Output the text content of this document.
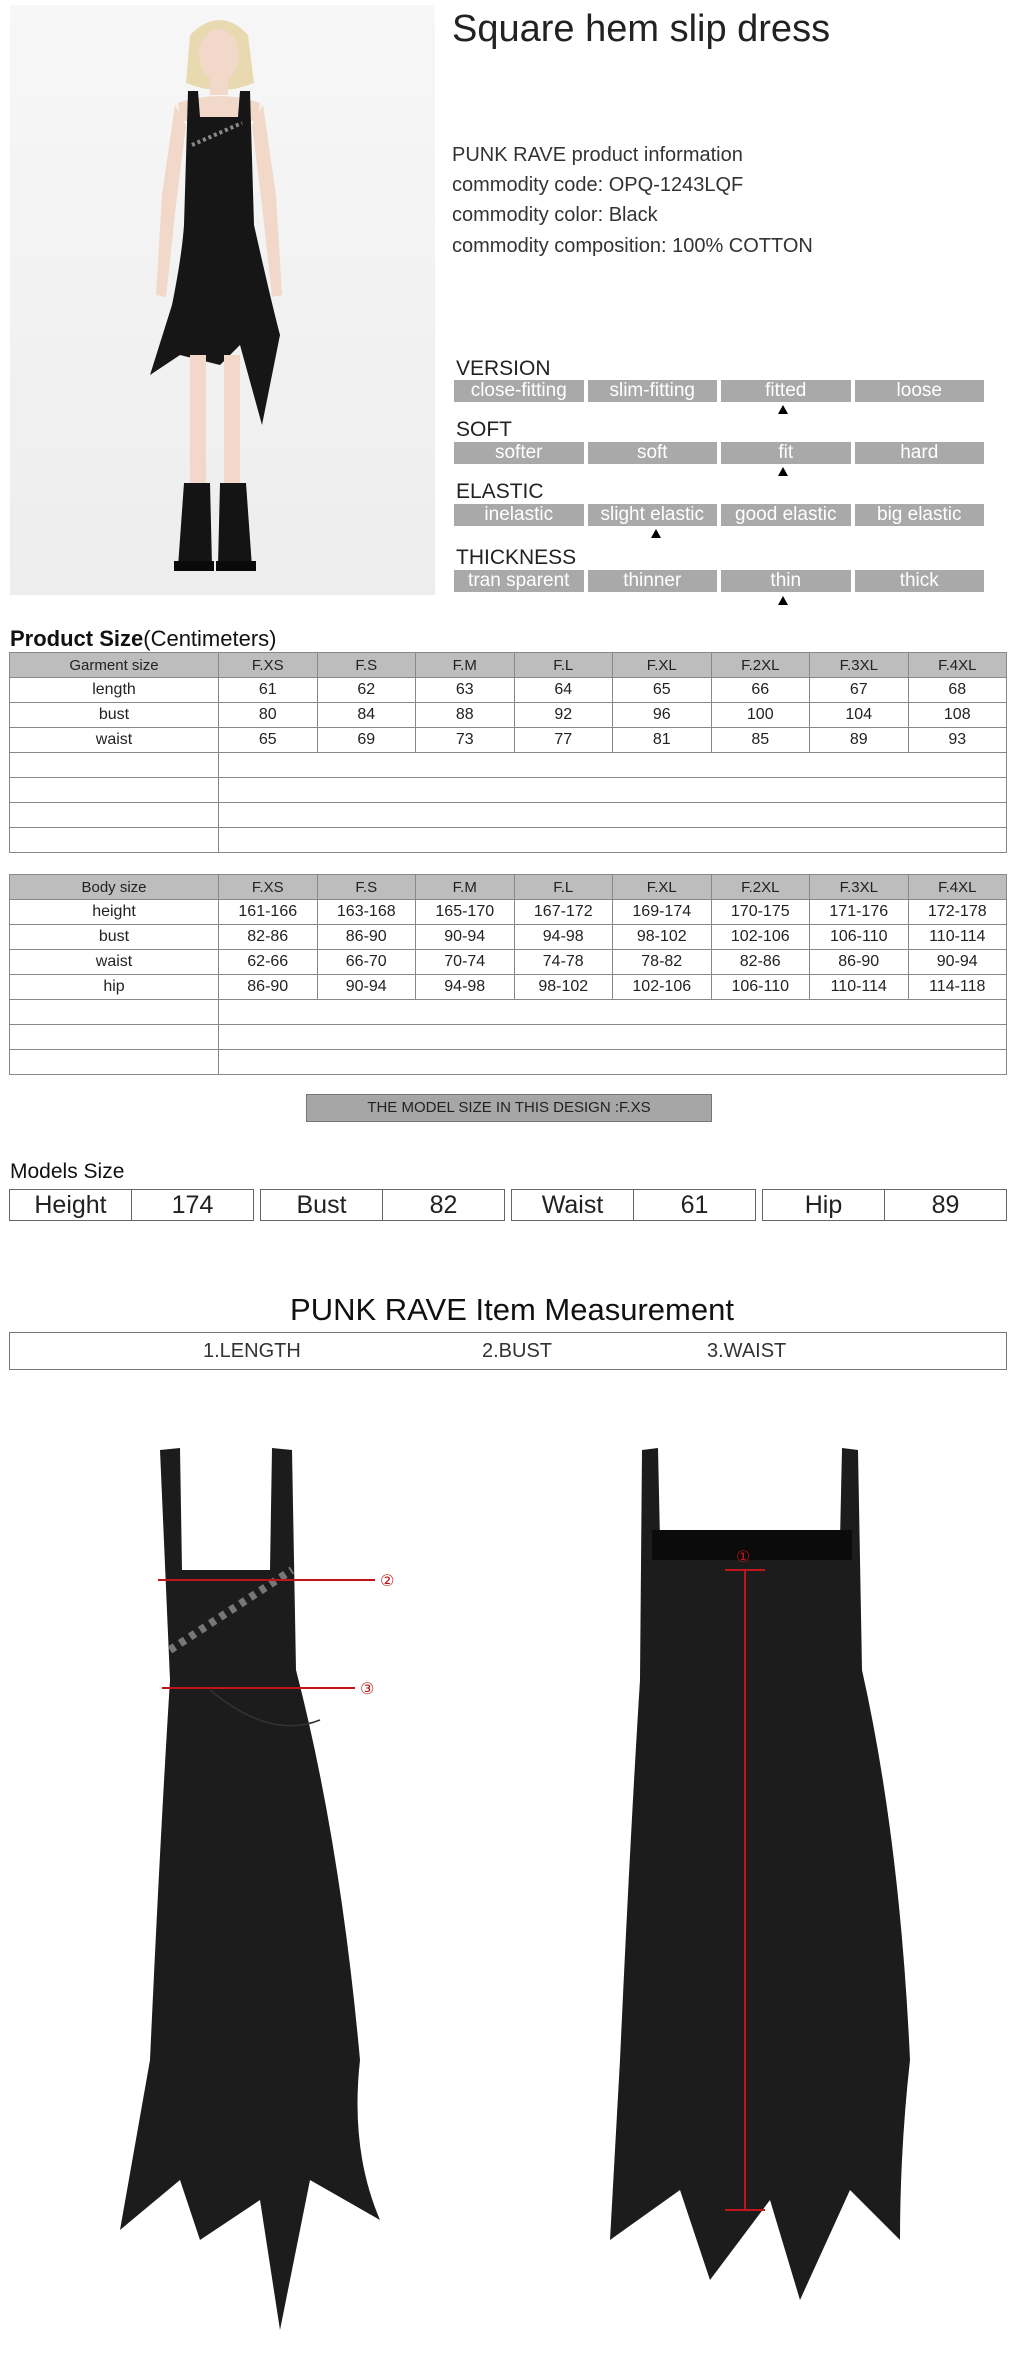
Square hem slip dress
PUNK RAVE product information
commodity code: OPQ-1243LQF
commodity color: Black
commodity composition: 100% COTTON
VERSION
close-fitting	slim-fitting	fitted	loose
SOFT
softer	soft	fit	hard
ELASTIC
inelastic	slight elastic	good elastic	big elastic
THICKNESS
tran sparent	thinner	thin	thick
Product Size(Centimeters)
Garment size	F.XS	F.S	F.M	F.L	F.XL	F.2XL	F.3XL	F.4XL
length	61	62	63	64	65	66	67	68
bust	80	84	88	92	96	100	104	108
waist	65	69	73	77	81	85	89	93

Body size	F.XS	F.S	F.M	F.L	F.XL	F.2XL	F.3XL	F.4XL
height	161-166	163-168	165-170	167-172	169-174	170-175	171-176	172-178
bust	82-86	86-90	90-94	94-98	98-102	102-106	106-110	110-114
waist	62-66	66-70	70-74	74-78	78-82	82-86	86-90	90-94
hip	86-90	90-94	94-98	98-102	102-106	106-110	110-114	114-118

THE MODEL SIZE IN THIS DESIGN :F.XS
Models Size
Height	174	Bust	82	Waist	61	Hip	89
PUNK RAVE Item Measurement
1.LENGTH	2.BUST	3.WAIST
②
③
①
